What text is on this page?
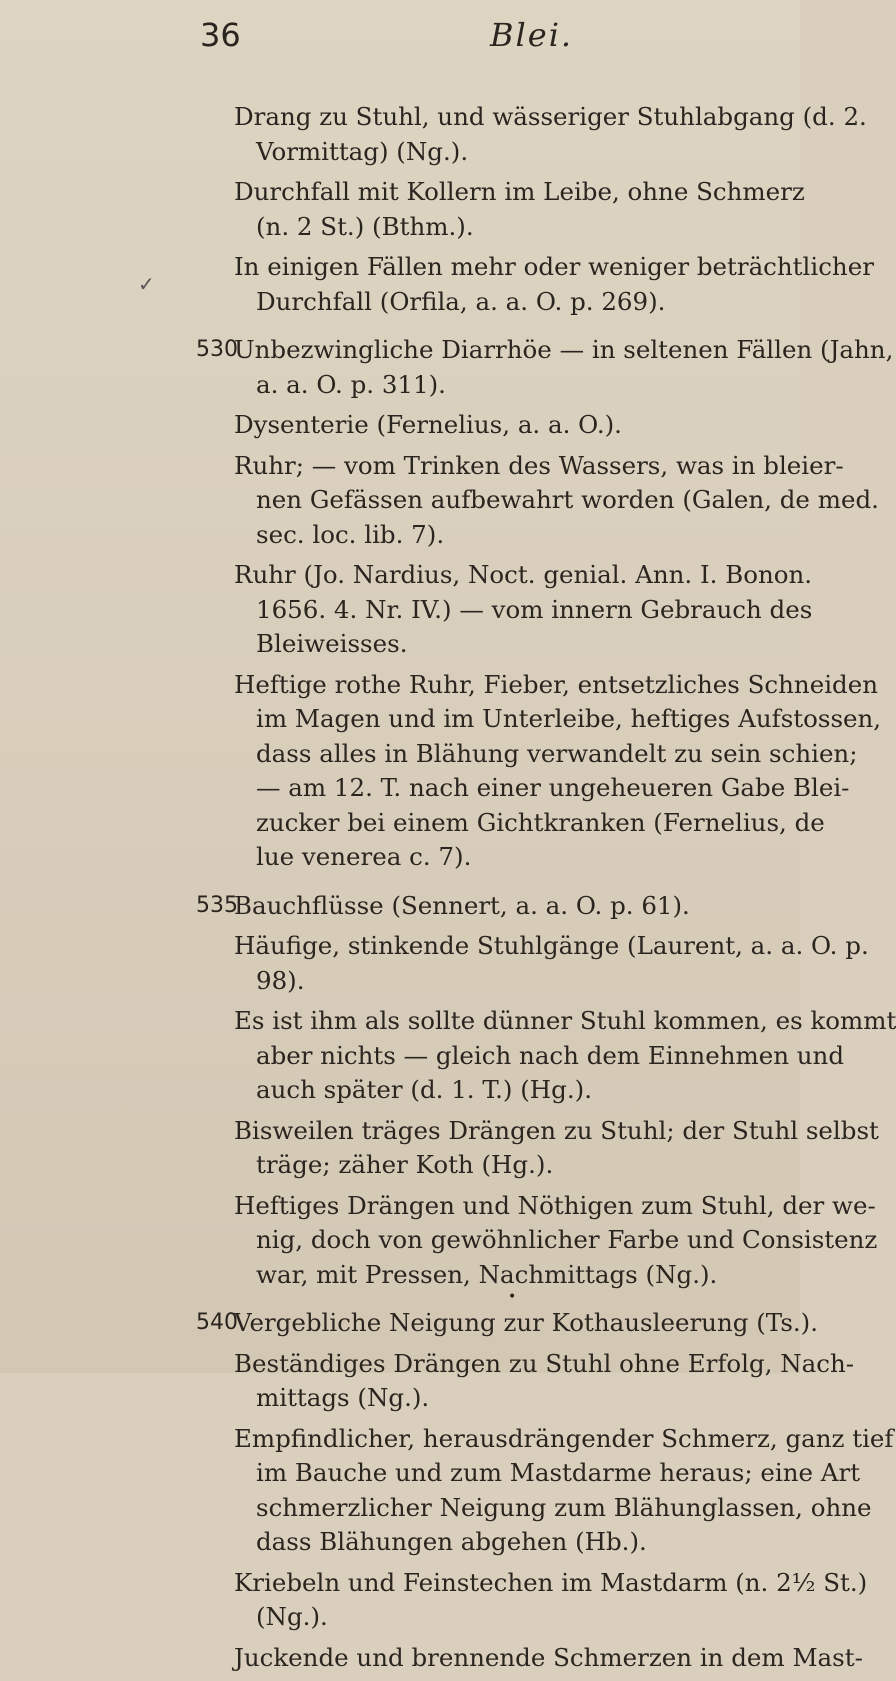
36	Blei.
✓
Drang zu Stuhl, und wässeriger Stuhlabgang (d. 2.
Vormittag) (Ng.).
Durchfall mit Kollern im Leibe, ohne Schmerz
(n. 2 St.) (Bthm.).
In einigen Fällen mehr oder weniger beträchtlicher
Durchfall (Orfila, a. a. O. p. 269).
530
Unbezwingliche Diarrhöe — in seltenen Fällen (Jahn,
a. a. O. p. 311).
Dysenterie (Fernelius, a. a. O.).
Ruhr; — vom Trinken des Wassers, was in bleier-
nen Gefässen aufbewahrt worden (Galen, de med.
sec. loc. lib. 7).
Ruhr (Jo. Nardius, Noct. genial. Ann. I. Bonon.
1656. 4. Nr. IV.) — vom innern Gebrauch des
Bleiweisses.
Heftige rothe Ruhr, Fieber, entsetzliches Schneiden
im Magen und im Unterleibe, heftiges Aufstossen,
dass alles in Blähung verwandelt zu sein schien;
— am 12. T. nach einer ungeheueren Gabe Blei-
zucker bei einem Gichtkranken (Fernelius, de
lue venerea c. 7).
535
Bauchflüsse (Sennert, a. a. O. p. 61).
Häufige, stinkende Stuhlgänge (Laurent, a. a. O. p.
98).
Es ist ihm als sollte dünner Stuhl kommen, es kommt
aber nichts — gleich nach dem Einnehmen und
auch später (d. 1. T.) (Hg.).
Bisweilen träges Drängen zu Stuhl; der Stuhl selbst
träge; zäher Koth (Hg.).
Heftiges Drängen und Nöthigen zum Stuhl, der we-
nig, doch von gewöhnlicher Farbe und Consistenz
war, mit Pressen, Nachmittags (Ng.).
540
Vergebliche Neigung zur Kothausleerung (Ts.).
Beständiges Drängen zu Stuhl ohne Erfolg, Nach-
mittags (Ng.).
Empfindlicher, herausdrängender Schmerz, ganz tief
im Bauche und zum Mastdarme heraus; eine Art
schmerzlicher Neigung zum Blähunglassen, ohne
dass Blähungen abgehen (Hb.).
Kriebeln und Feinstechen im Mastdarm (n. 2½ St.)
(Ng.).
Juckende und brennende Schmerzen in dem Mast-
•
